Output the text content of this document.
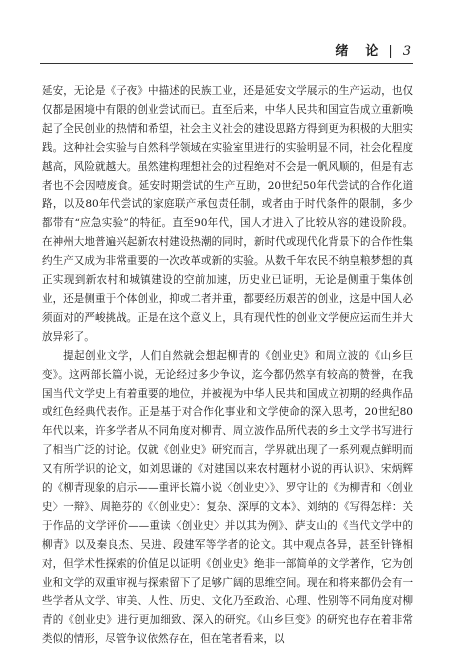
绪　论 | 3

延安，无论是《子夜》中描述的民族工业，还是延安文学展示的生产运动，也仅仅都是困境中有限的创业尝试而已。直至后来，中华人民共和国宣告成立重新唤起了全民创业的热情和希望，社会主义社会的建设思路方得到更为积极的大胆实践。这种社会实验与自然科学领域在实验室里进行的实验明显不同，社会化程度越高，风险就越大。虽然建构理想社会的过程绝对不会是一帆风顺的，但是有志者也不会因噎废食。延安时期尝试的生产互助，20世纪50年代尝试的合作化道路，以及80年代尝试的家庭联产承包责任制，或者由于时代条件的限制，多少都带有“应急实验”的特征。直至90年代，国人才进入了比较从容的建设阶段。在神州大地普遍兴起新农村建设热潮的同时，新时代或现代化背景下的合作性集约生产又成为非常重要的一次改革或新的实验。从数千年农民不纳皇粮梦想的真正实现到新农村和城镇建设的空前加速，历史业已证明，无论是侧重于集体创业，还是侧重于个体创业，抑或二者并重，都要经历艰苦的创业，这是中国人必须面对的严峻挑战。正是在这个意义上，具有现代性的创业文学便应运而生并大放异彩了。

提起创业文学，人们自然就会想起柳青的《创业史》和周立波的《山乡巨变》。这两部长篇小说，无论经过多少争议，迄今都仍然享有较高的赞誉，在我国当代文学史上有着重要的地位，并被视为中华人民共和国成立初期的经典作品或红色经典代表作。正是基于对合作化事业和文学使命的深入思考，20世纪80年代以来，许多学者从不同角度对柳青、周立波作品所代表的乡土文学书写进行了相当广泛的讨论。仅就《创业史》研究而言，学界就出现了一系列观点鲜明而又有所学识的论文，如刘思谦的《对建国以来农村题材小说的再认识》、宋炳辉的《柳青现象的启示——重评长篇小说〈创业史〉》、罗守让的《为柳青和〈创业史〉一辩》、周艳芬的《〈创业史〉：复杂、深厚的文本》、刘纳的《写得怎样：关于作品的文学评价——重读〈创业史〉并以其为例》、萨支山的《当代文学中的柳青》以及秦良杰、吴进、段建军等学者的论文。其中观点各异，甚至针锋相对，但学术性探索的价值足以证明《创业史》绝非一部简单的文学著作，它为创业和文学的双重审视与探索留下了足够广阔的思维空间。现在和将来都仍会有一些学者从文学、审美、人性、历史、文化乃至政治、心理、性别等不同角度对柳青的《创业史》进行更加细致、深入的研究。《山乡巨变》的研究也存在着非常类似的情形，尽管争议依然存在，但在笔者看来，以
